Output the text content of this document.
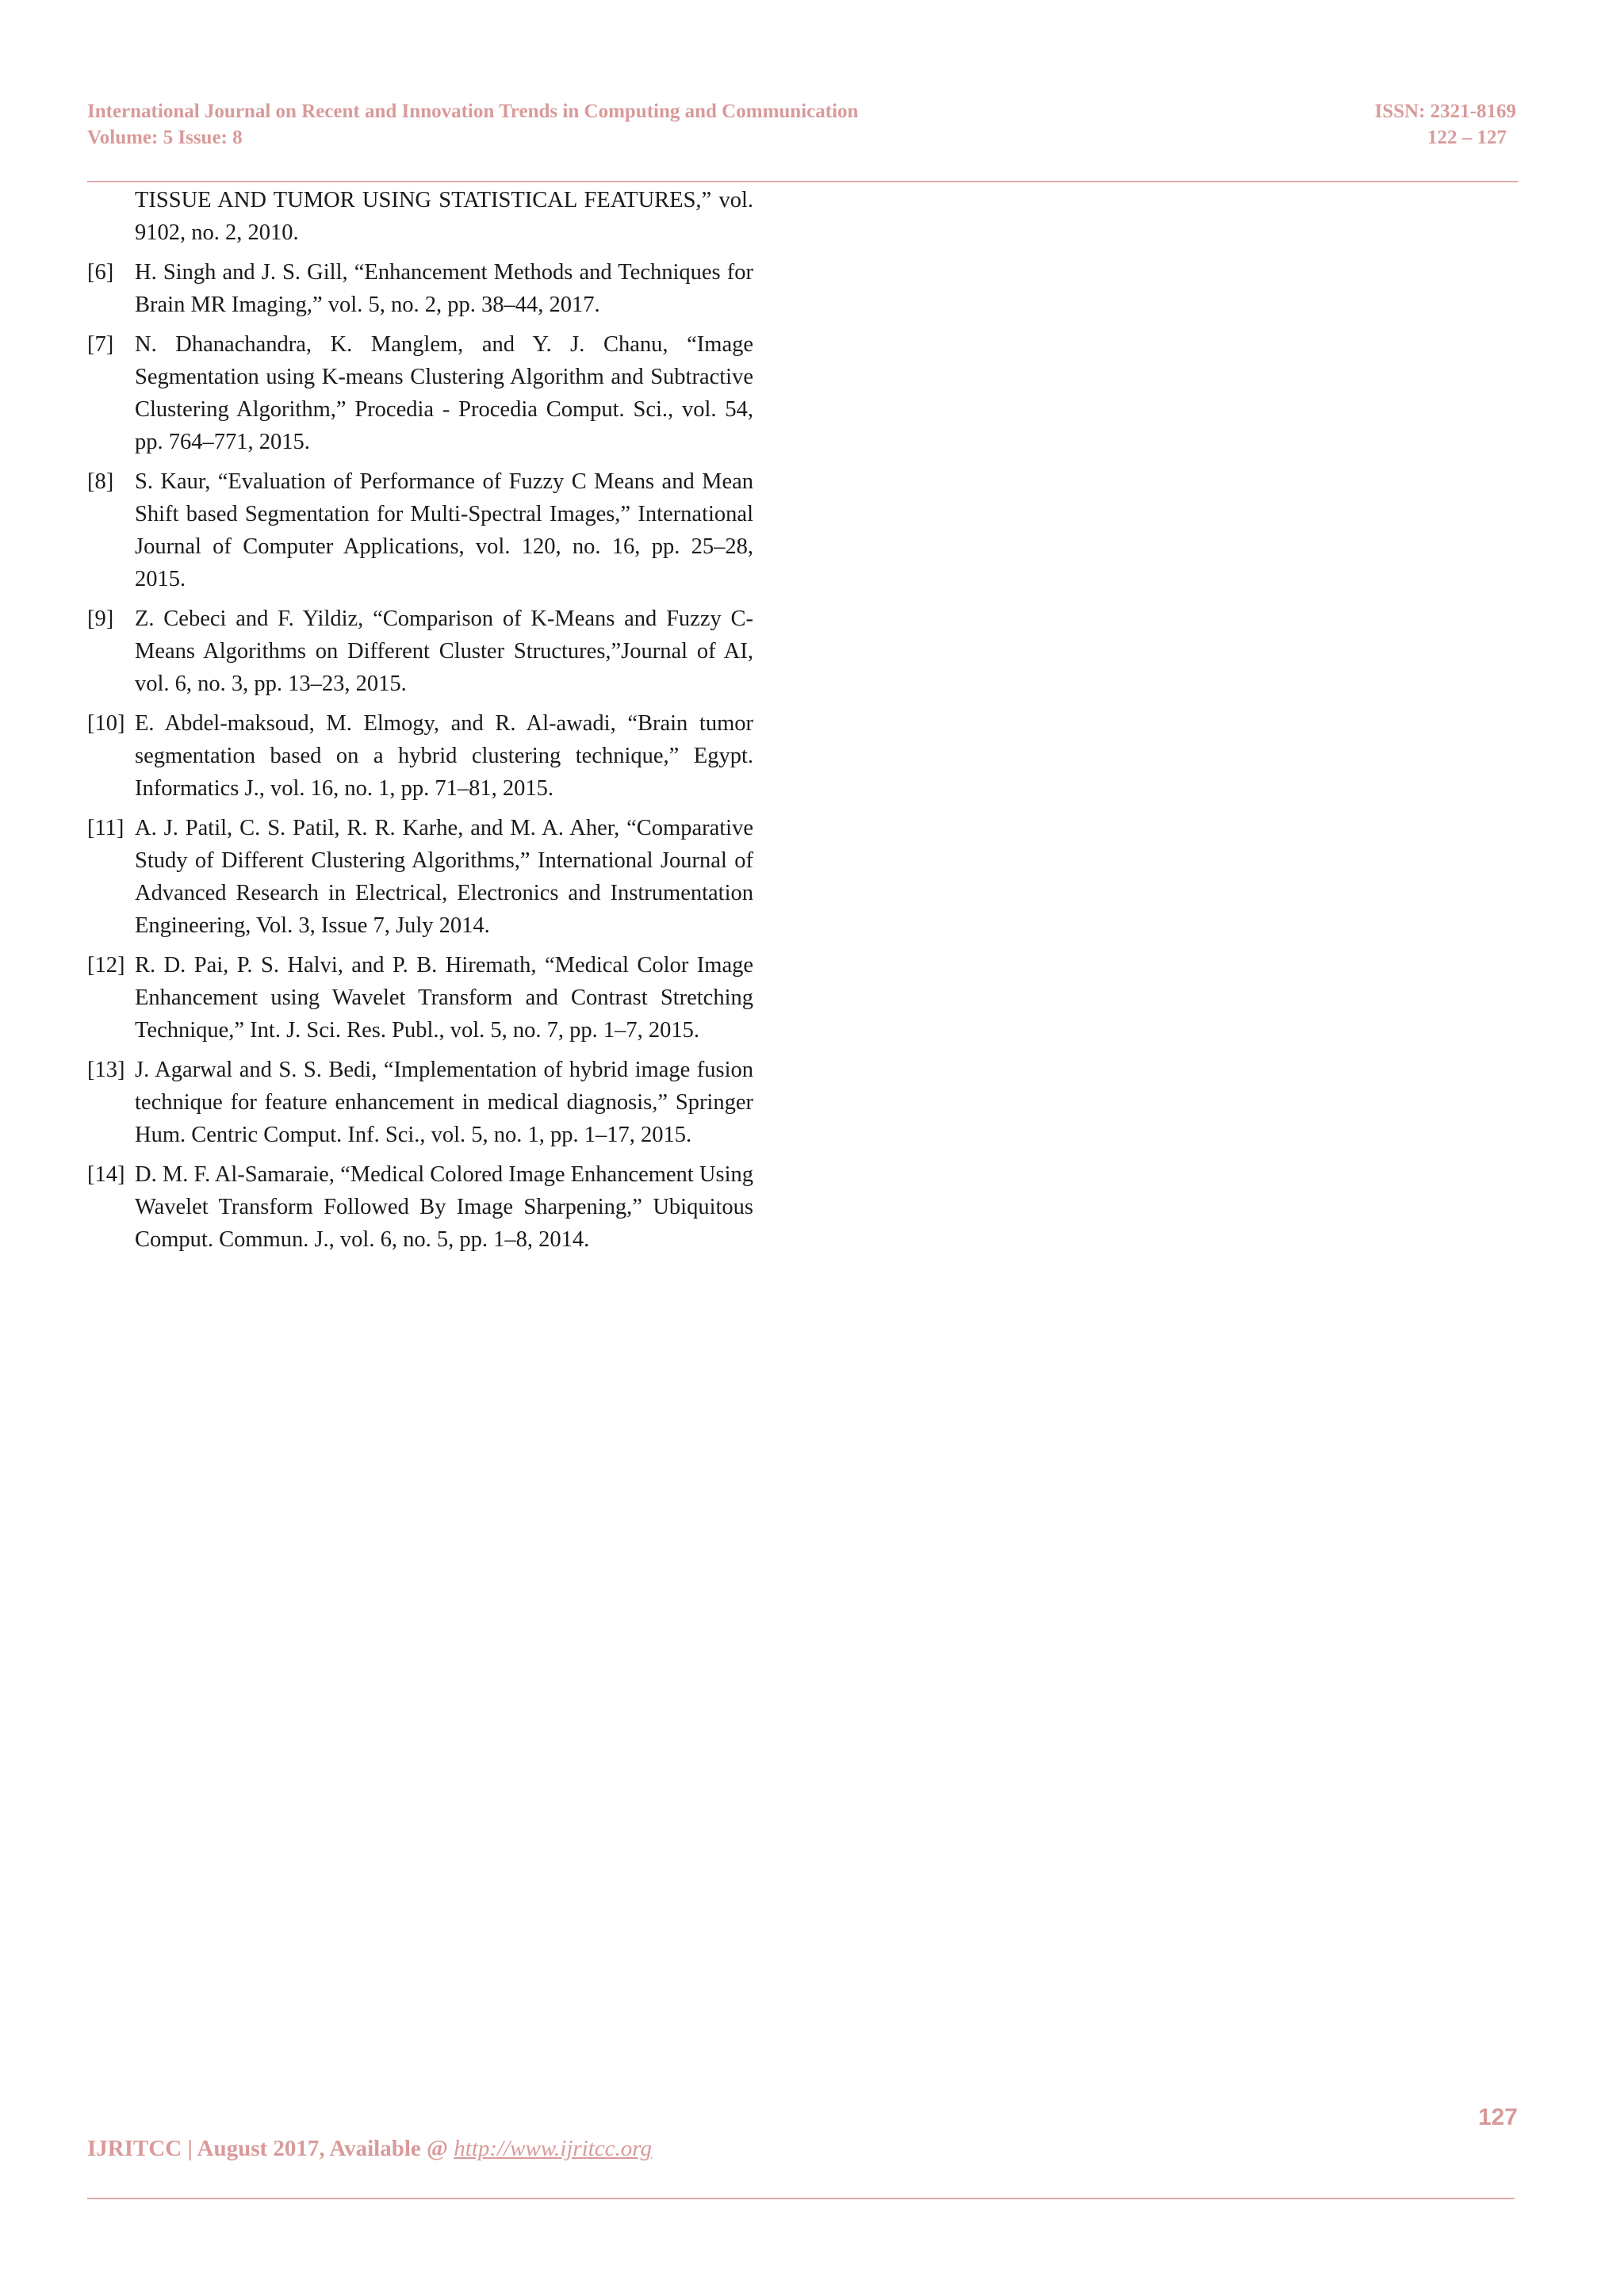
International Journal on Recent and Innovation Trends in Computing and Communication
Volume: 5 Issue: 8
ISSN: 2321-8169
122 – 127
TISSUE AND TUMOR USING STATISTICAL FEATURES,” vol. 9102, no. 2, 2010.
[6] H. Singh and J. S. Gill, “Enhancement Methods and Techniques for Brain MR Imaging,” vol. 5, no. 2, pp. 38–44, 2017.
[7] N. Dhanachandra, K. Manglem, and Y. J. Chanu, “Image Segmentation using K-means Clustering Algorithm and Subtractive Clustering Algorithm,” Procedia - Procedia Comput. Sci., vol. 54, pp. 764–771, 2015.
[8] S. Kaur, “Evaluation of Performance of Fuzzy C Means and Mean Shift based Segmentation for Multi-Spectral Images,” International Journal of Computer Applications, vol. 120, no. 16, pp. 25–28, 2015.
[9] Z. Cebeci and F. Yildiz, “Comparison of K-Means and Fuzzy C-Means Algorithms on Different Cluster Structures,”Journal of AI, vol. 6, no. 3, pp. 13–23, 2015.
[10] E. Abdel-maksoud, M. Elmogy, and R. Al-awadi, “Brain tumor segmentation based on a hybrid clustering technique,” Egypt. Informatics J., vol. 16, no. 1, pp. 71–81, 2015.
[11] A. J. Patil, C. S. Patil, R. R. Karhe, and M. A. Aher, “Comparative Study of Different Clustering Algorithms,” International Journal of Advanced Research in Electrical, Electronics and Instrumentation Engineering, Vol. 3, Issue 7, July 2014.
[12] R. D. Pai, P. S. Halvi, and P. B. Hiremath, “Medical Color Image Enhancement using Wavelet Transform and Contrast Stretching Technique,” Int. J. Sci. Res. Publ., vol. 5, no. 7, pp. 1–7, 2015.
[13] J. Agarwal and S. S. Bedi, “Implementation of hybrid image fusion technique for feature enhancement in medical diagnosis,” Springer Hum. Centric Comput. Inf. Sci., vol. 5, no. 1, pp. 1–17, 2015.
[14] D. M. F. Al-Samaraie, “Medical Colored Image Enhancement Using Wavelet Transform Followed By Image Sharpening,” Ubiquitous Comput. Commun. J., vol. 6, no. 5, pp. 1–8, 2014.
127
IJRITCC | August 2017, Available @ http://www.ijritcc.org
